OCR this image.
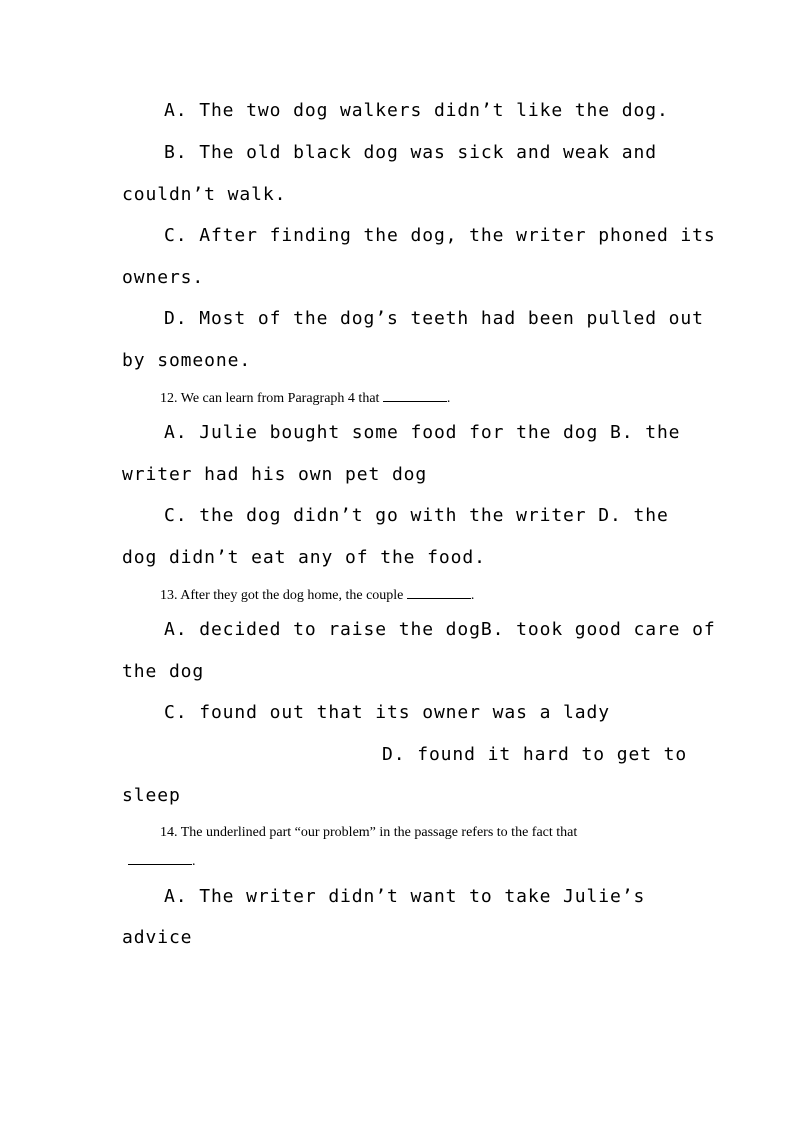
A. The two dog walkers didn’t like the dog.
B. The old black dog was sick and weak and
couldn’t walk.
C. After finding the dog, the writer phoned its
owners.
D. Most of the dog’s teeth had been pulled out
by someone.
12. We can learn from Paragraph 4 that	.
A. Julie bought some food for the dog B. the
writer had his own pet dog
C. the dog didn’t go with the writer D. the
dog didn’t eat any of the food.
13. After they got the dog home, the couple	.
A. decided to raise the dogB. took good care of
the dog
C. found out that its owner was a lady
D. found it hard to get to
sleep
14. The underlined part “our problem” in the passage refers to the fact that
.
A. The writer didn’t want to take Julie’s
advice
